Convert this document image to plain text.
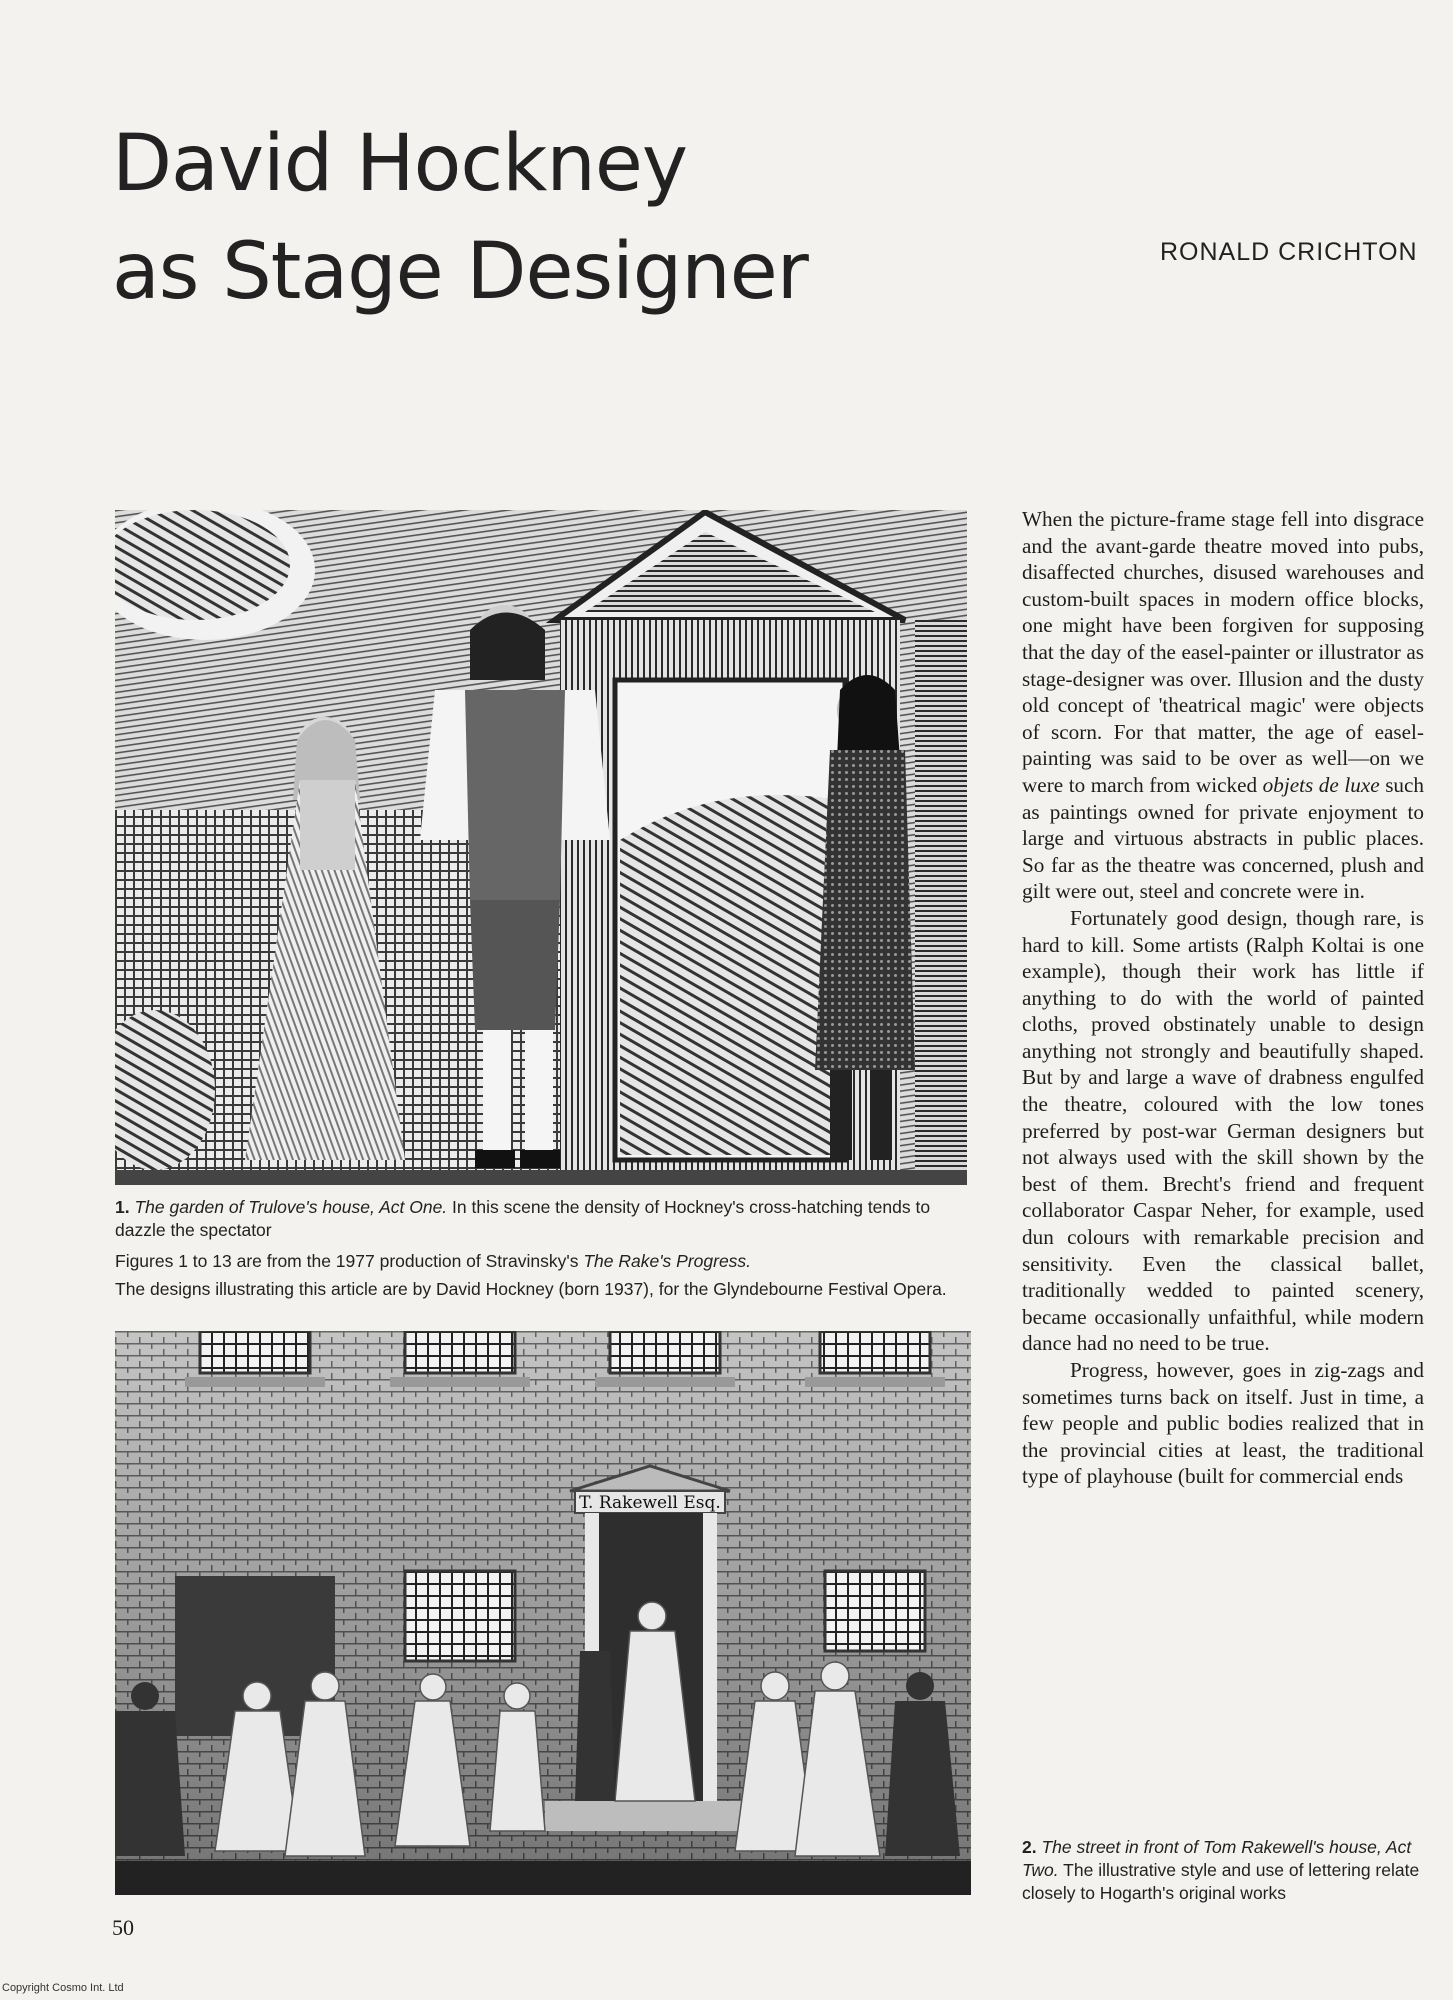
David Hockney
as Stage Designer	RONALD CRICHTON
1. The garden of Trulove's house, Act One. In this scene the density of Hockney's cross-hatching tends to dazzle the spectator
Figures 1 to 13 are from the 1977 production of Stravinsky's The Rake's Progress.
The designs illustrating this article are by David Hockney (born 1937), for the Glyndebourne Festival Opera.
T. Rakewell Esq.
2. The street in front of Tom Rakewell's house, Act Two. The illustrative style and use of lettering relate closely to Hogarth's original works

When the picture-frame stage fell into disgrace and the avant-garde theatre moved into pubs, disaffected churches, disused warehouses and custom-built spaces in modern office blocks, one might have been forgiven for supposing that the day of the easel-painter or illustrator as stage-designer was over. Illusion and the dusty old concept of 'theatrical magic' were objects of scorn. For that matter, the age of easel-painting was said to be over as well—on we were to march from wicked objets de luxe such as paintings owned for private enjoyment to large and virtuous abstracts in public places. So far as the theatre was concerned, plush and gilt were out, steel and concrete were in.

Fortunately good design, though rare, is hard to kill. Some artists (Ralph Koltai is one example), though their work has little if anything to do with the world of painted cloths, proved obstinately unable to design anything not strongly and beautifully shaped. But by and large a wave of drabness engulfed the theatre, coloured with the low tones preferred by post-war German designers but not always used with the skill shown by the best of them. Brecht's friend and frequent collaborator Caspar Neher, for example, used dun colours with remarkable precision and sensitivity. Even the classical ballet, traditionally wedded to painted scenery, became occasionally unfaithful, while modern dance had no need to be true.

Progress, however, goes in zig-zags and sometimes turns back on itself. Just in time, a few people and public bodies realized that in the provincial cities at least, the traditional type of playhouse (built for commercial ends

50
Copyright Cosmo Int. Ltd
